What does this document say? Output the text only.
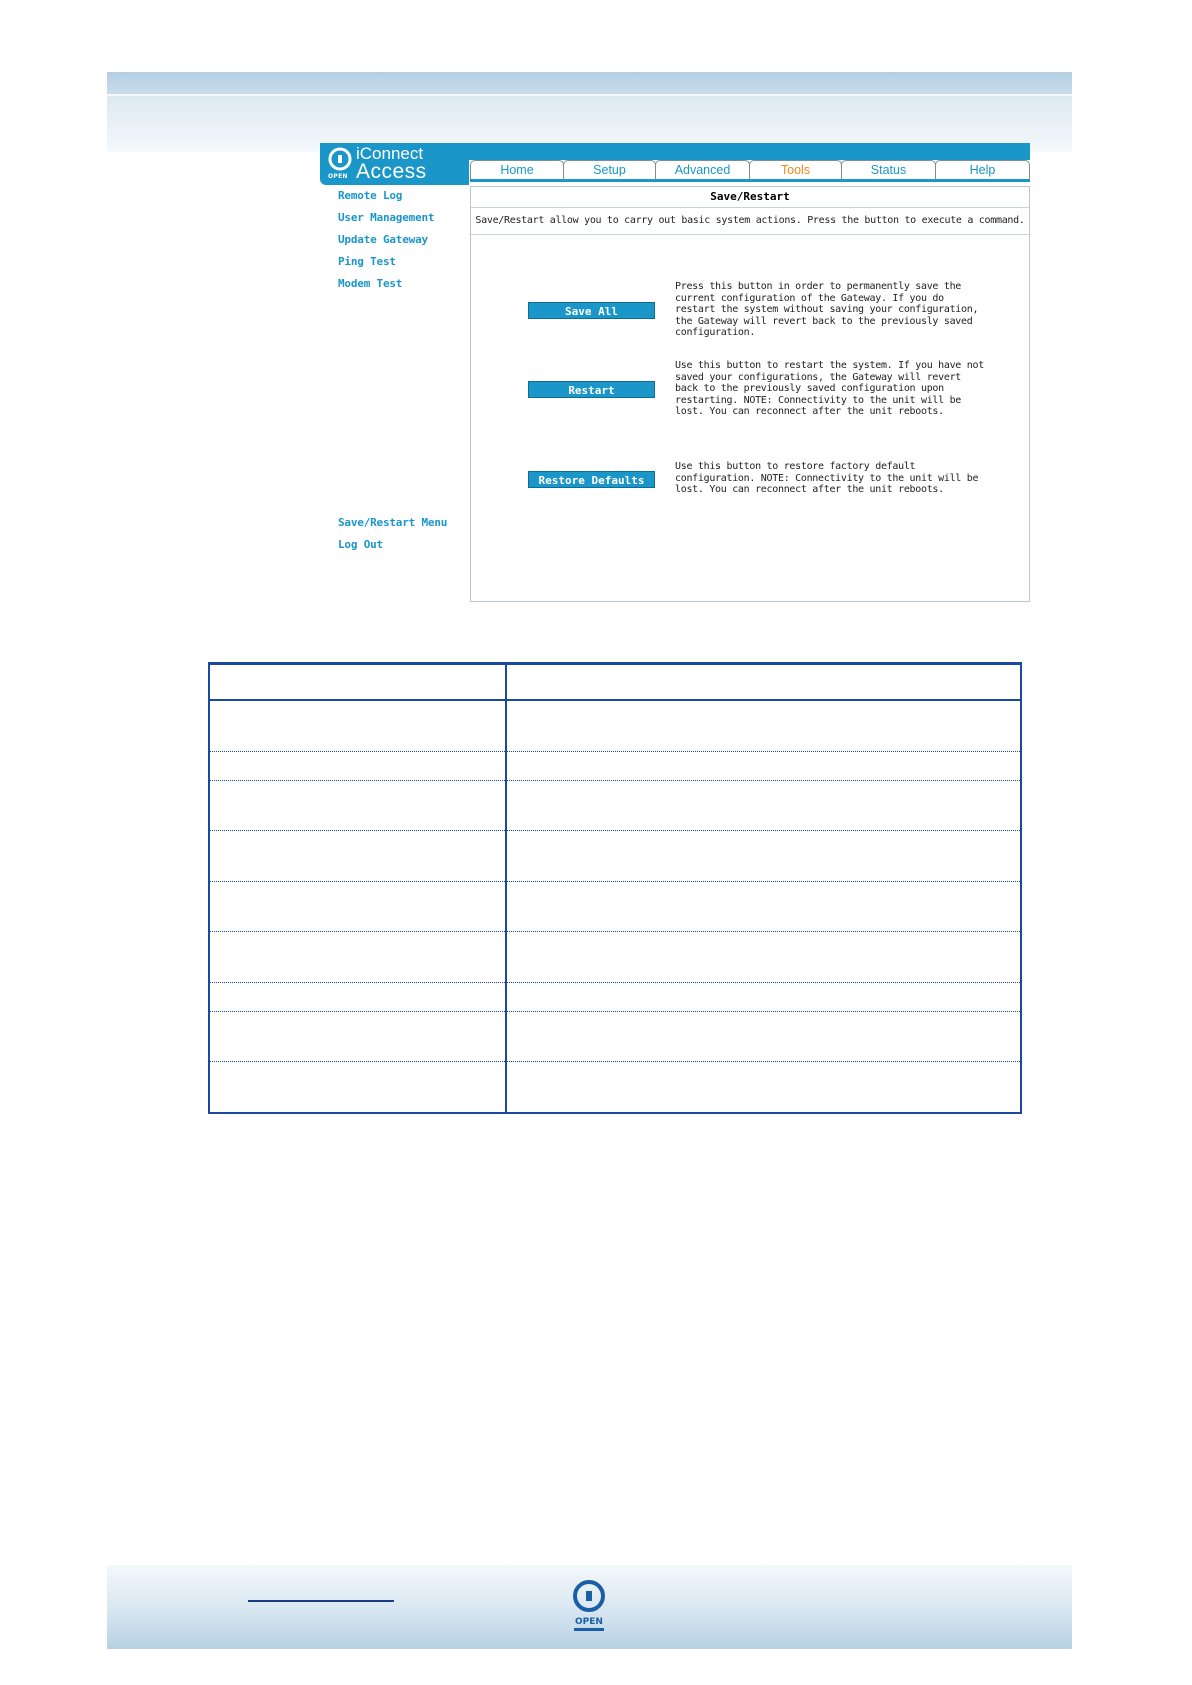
OPEN
iConnect
Access	Home	Setup	Advanced	Tools	Status	Help
Remote Log
User Management
Update Gateway
Ping Test
Modem Test
Save/Restart Menu
Log Out
Save/Restart
Save/Restart allow you to carry out basic system actions. Press the button to execute a command.
Save All
Press this button in order to permanently save the current configuration of the Gateway. If you do restart the system without saving your configuration, the Gateway will revert back to the previously saved configuration.
Restart
Use this button to restart the system. If you have not saved your configurations, the Gateway will revert back to the previously saved configuration upon restarting. NOTE: Connectivity to the unit will be lost. You can reconnect after the unit reboots.
Restore Defaults
Use this button to restore factory default configuration. NOTE: Connectivity to the unit will be lost. You can reconnect after the unit reboots.

OPEN
